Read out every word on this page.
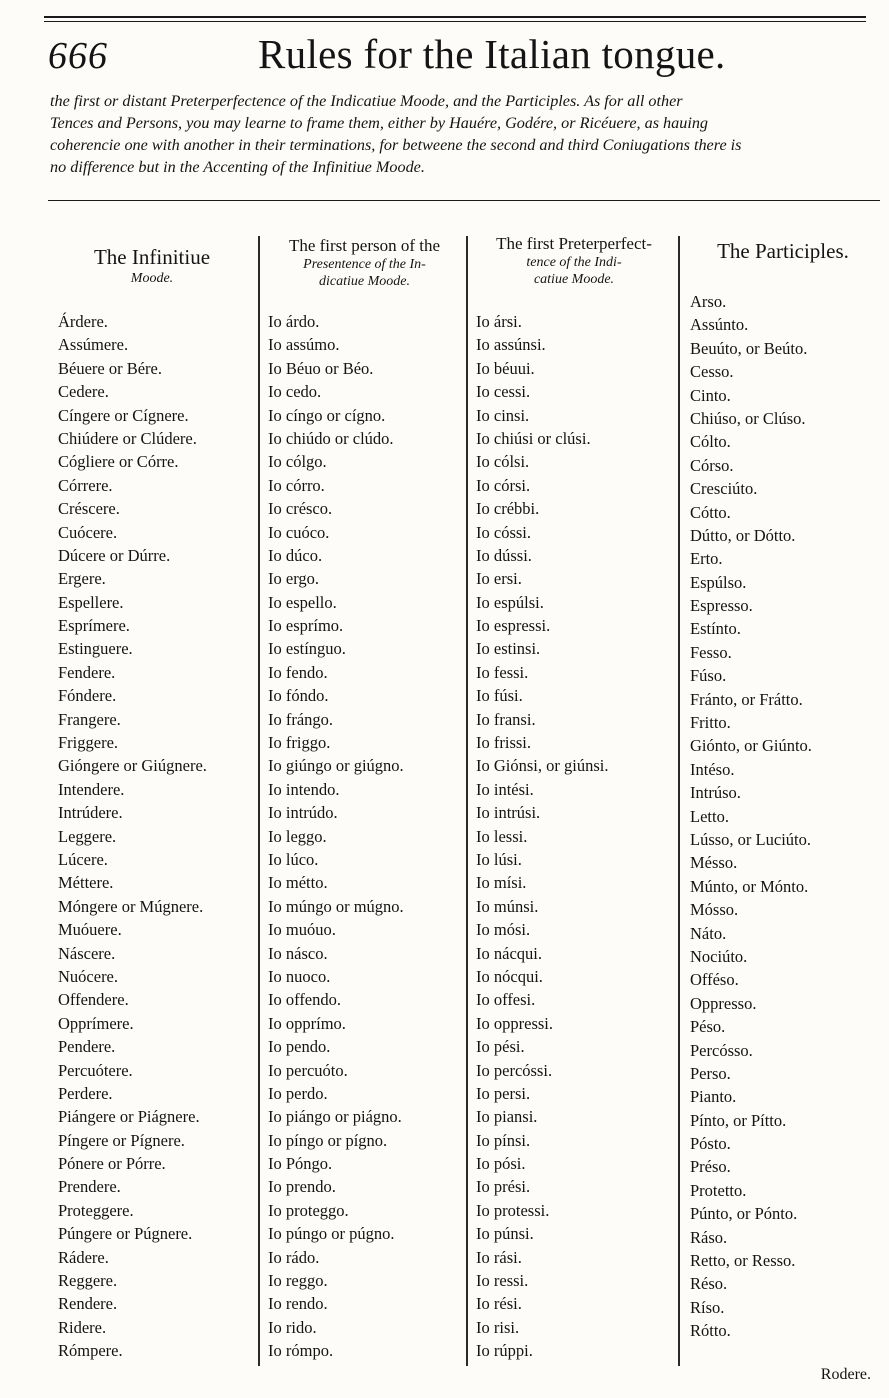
666	Rules for the Italian tongue.
the first or distant Preterperfectence of the Indicatiue Moode, and the Participles. As for all other
Tences and Persons, you may learne to frame them, either by Hauére, Godére, or Ricéuere, as hauing
coherencie one with another in their terminations, for betweene the second and third Coniugations there is
no difference but in the Accenting of the Infinitiue Moode.
The Infinitiue
Moode.
The first person of the
Presentence of the In-
dicatiue Moode.
The first Preterperfect-
tence of the Indi-
catiue Moode.
The Participles.
Árdere.
Assúmere.
Béuere or Bére.
Cedere.
Cíngere or Cígnere.
Chiúdere or Clúdere.
Cógliere or Córre.
Córrere.
Créscere.
Cuócere.
Dúcere or Dúrre.
Ergere.
Espellere.
Esprímere.
Estinguere.
Fendere.
Fóndere.
Frangere.
Friggere.
Gióngere or Giúgnere.
Intendere.
Intrúdere.
Leggere.
Lúcere.
Méttere.
Móngere or Múgnere.
Muóuere.
Náscere.
Nuócere.
Offendere.
Opprímere.
Pendere.
Percuótere.
Perdere.
Piángere or Piágnere.
Píngere or Pígnere.
Pónere or Pórre.
Prendere.
Proteggere.
Púngere or Púgnere.
Rádere.
Reggere.
Rendere.
Ridere.
Rómpere.
Io árdo.
Io assúmo.
Io Béuo or Béo.
Io cedo.
Io cíngo or cígno.
Io chiúdo or clúdo.
Io cólgo.
Io córro.
Io crésco.
Io cuóco.
Io dúco.
Io ergo.
Io espello.
Io esprímo.
Io estínguo.
Io fendo.
Io fóndo.
Io frángo.
Io friggo.
Io giúngo or giúgno.
Io intendo.
Io intrúdo.
Io leggo.
Io lúco.
Io métto.
Io múngo or múgno.
Io muóuo.
Io násco.
Io nuoco.
Io offendo.
Io opprímo.
Io pendo.
Io percuóto.
Io perdo.
Io piángo or piágno.
Io píngo or pígno.
Io Póngo.
Io prendo.
Io proteggo.
Io púngo or púgno.
Io rádo.
Io reggo.
Io rendo.
Io rido.
Io rómpo.
Io ársi.
Io assúnsi.
Io béuui.
Io cessi.
Io cinsi.
Io chiúsi or clúsi.
Io cólsi.
Io córsi.
Io crébbi.
Io cóssi.
Io dússi.
Io ersi.
Io espúlsi.
Io espressi.
Io estinsi.
Io fessi.
Io fúsi.
Io fransi.
Io frissi.
Io Giónsi, or giúnsi.
Io intési.
Io intrúsi.
Io lessi.
Io lúsi.
Io mísi.
Io múnsi.
Io mósi.
Io nácqui.
Io nócqui.
Io offesi.
Io oppressi.
Io pési.
Io percóssi.
Io persi.
Io piansi.
Io pínsi.
Io pósi.
Io prési.
Io protessi.
Io púnsi.
Io rási.
Io ressi.
Io rési.
Io risi.
Io rúppi.
Arso.
Assúnto.
Beuúto, or Beúto.
Cesso.
Cinto.
Chiúso, or Clúso.
Cólto.
Córso.
Cresciúto.
Cótto.
Dútto, or Dótto.
Erto.
Espúlso.
Espresso.
Estínto.
Fesso.
Fúso.
Fránto, or Frátto.
Fritto.
Giónto, or Giúnto.
Intéso.
Intrúso.
Letto.
Lússo, or Luciúto.
Mésso.
Múnto, or Mónto.
Mósso.
Náto.
Nociúto.
Offéso.
Oppresso.
Péso.
Percósso.
Perso.
Pianto.
Pínto, or Pítto.
Pósto.
Préso.
Protetto.
Púnto, or Pónto.
Ráso.
Retto, or Resso.
Réso.
Ríso.
Rótto.
Rodere.
